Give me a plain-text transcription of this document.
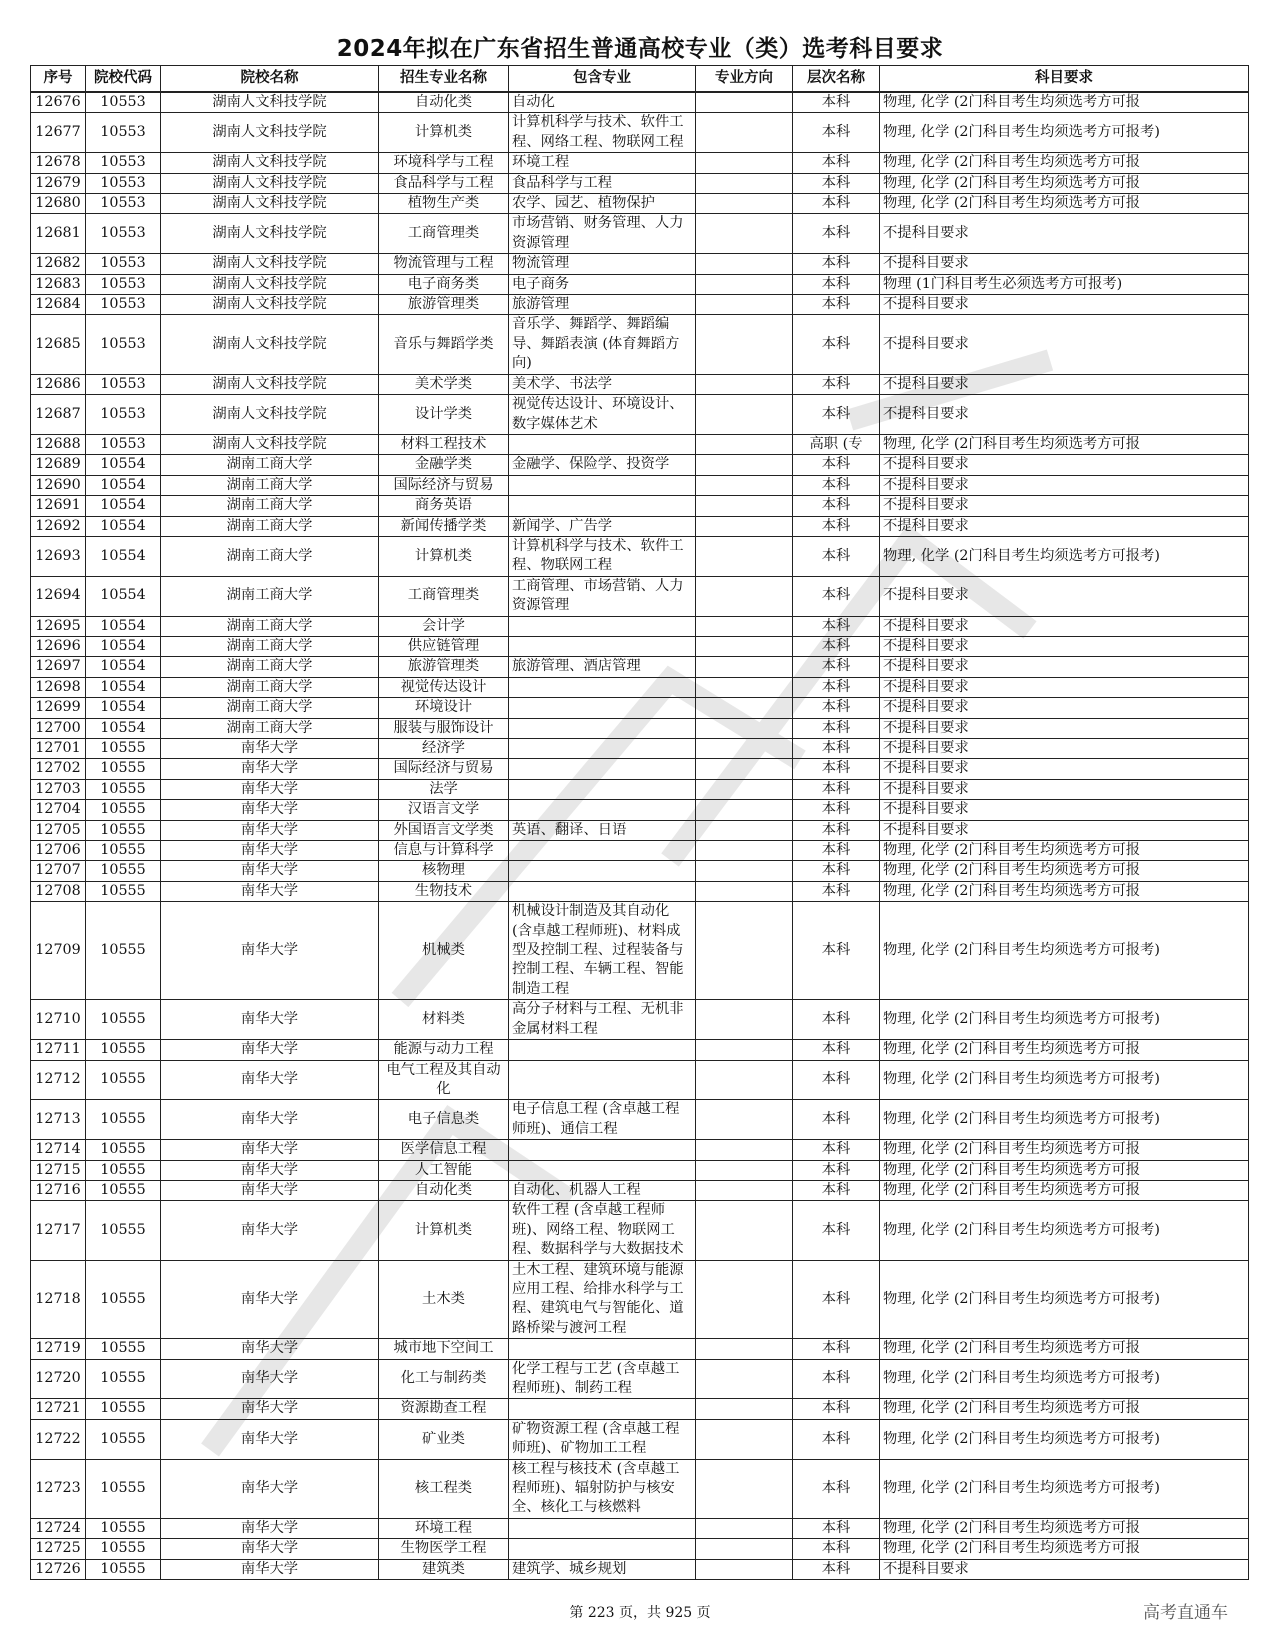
2024年拟在广东省招生普通高校专业（类）选考科目要求
序号	院校代码	院校名称	招生专业名称	包含专业	专业方向	层次名称	科目要求
12676	10553	湖南人文科技学院	自动化类	自动化		本科	物理, 化学 (2门科目考生均须选考方可报
12677	10553	湖南人文科技学院	计算机类	计算机科学与技术、软件工程、网络工程、物联网工程		本科	物理, 化学 (2门科目考生均须选考方可报考)
12678	10553	湖南人文科技学院	环境科学与工程	环境工程		本科	物理, 化学 (2门科目考生均须选考方可报
12679	10553	湖南人文科技学院	食品科学与工程	食品科学与工程		本科	物理, 化学 (2门科目考生均须选考方可报
12680	10553	湖南人文科技学院	植物生产类	农学、园艺、植物保护		本科	物理, 化学 (2门科目考生均须选考方可报
12681	10553	湖南人文科技学院	工商管理类	市场营销、财务管理、人力资源管理		本科	不提科目要求
12682	10553	湖南人文科技学院	物流管理与工程	物流管理		本科	不提科目要求
12683	10553	湖南人文科技学院	电子商务类	电子商务		本科	物理 (1门科目考生必须选考方可报考)
12684	10553	湖南人文科技学院	旅游管理类	旅游管理		本科	不提科目要求
12685	10553	湖南人文科技学院	音乐与舞蹈学类	音乐学、舞蹈学、舞蹈编导、舞蹈表演 (体育舞蹈方向)		本科	不提科目要求
12686	10553	湖南人文科技学院	美术学类	美术学、书法学		本科	不提科目要求
12687	10553	湖南人文科技学院	设计学类	视觉传达设计、环境设计、数字媒体艺术		本科	不提科目要求
12688	10553	湖南人文科技学院	材料工程技术			高职 (专	物理, 化学 (2门科目考生均须选考方可报
12689	10554	湖南工商大学	金融学类	金融学、保险学、投资学		本科	不提科目要求
12690	10554	湖南工商大学	国际经济与贸易			本科	不提科目要求
12691	10554	湖南工商大学	商务英语			本科	不提科目要求
12692	10554	湖南工商大学	新闻传播学类	新闻学、广告学		本科	不提科目要求
12693	10554	湖南工商大学	计算机类	计算机科学与技术、软件工程、物联网工程		本科	物理, 化学 (2门科目考生均须选考方可报考)
12694	10554	湖南工商大学	工商管理类	工商管理、市场营销、人力资源管理		本科	不提科目要求
12695	10554	湖南工商大学	会计学			本科	不提科目要求
12696	10554	湖南工商大学	供应链管理			本科	不提科目要求
12697	10554	湖南工商大学	旅游管理类	旅游管理、酒店管理		本科	不提科目要求
12698	10554	湖南工商大学	视觉传达设计			本科	不提科目要求
12699	10554	湖南工商大学	环境设计			本科	不提科目要求
12700	10554	湖南工商大学	服装与服饰设计			本科	不提科目要求
12701	10555	南华大学	经济学			本科	不提科目要求
12702	10555	南华大学	国际经济与贸易			本科	不提科目要求
12703	10555	南华大学	法学			本科	不提科目要求
12704	10555	南华大学	汉语言文学			本科	不提科目要求
12705	10555	南华大学	外国语言文学类	英语、翻译、日语		本科	不提科目要求
12706	10555	南华大学	信息与计算科学			本科	物理, 化学 (2门科目考生均须选考方可报
12707	10555	南华大学	核物理			本科	物理, 化学 (2门科目考生均须选考方可报
12708	10555	南华大学	生物技术			本科	物理, 化学 (2门科目考生均须选考方可报
12709	10555	南华大学	机械类	机械设计制造及其自动化 (含卓越工程师班)、材料成型及控制工程、过程装备与控制工程、车辆工程、智能制造工程		本科	物理, 化学 (2门科目考生均须选考方可报考)
12710	10555	南华大学	材料类	高分子材料与工程、无机非金属材料工程		本科	物理, 化学 (2门科目考生均须选考方可报考)
12711	10555	南华大学	能源与动力工程			本科	物理, 化学 (2门科目考生均须选考方可报
12712	10555	南华大学	电气工程及其自动化			本科	物理, 化学 (2门科目考生均须选考方可报考)
12713	10555	南华大学	电子信息类	电子信息工程 (含卓越工程师班)、通信工程		本科	物理, 化学 (2门科目考生均须选考方可报考)
12714	10555	南华大学	医学信息工程			本科	物理, 化学 (2门科目考生均须选考方可报
12715	10555	南华大学	人工智能			本科	物理, 化学 (2门科目考生均须选考方可报
12716	10555	南华大学	自动化类	自动化、机器人工程		本科	物理, 化学 (2门科目考生均须选考方可报
12717	10555	南华大学	计算机类	软件工程 (含卓越工程师班)、网络工程、物联网工程、数据科学与大数据技术		本科	物理, 化学 (2门科目考生均须选考方可报考)
12718	10555	南华大学	土木类	土木工程、建筑环境与能源应用工程、给排水科学与工程、建筑电气与智能化、道路桥梁与渡河工程		本科	物理, 化学 (2门科目考生均须选考方可报考)
12719	10555	南华大学	城市地下空间工			本科	物理, 化学 (2门科目考生均须选考方可报
12720	10555	南华大学	化工与制药类	化学工程与工艺 (含卓越工程师班)、制药工程		本科	物理, 化学 (2门科目考生均须选考方可报考)
12721	10555	南华大学	资源勘查工程			本科	物理, 化学 (2门科目考生均须选考方可报
12722	10555	南华大学	矿业类	矿物资源工程 (含卓越工程师班)、矿物加工工程		本科	物理, 化学 (2门科目考生均须选考方可报考)
12723	10555	南华大学	核工程类	核工程与核技术 (含卓越工程师班)、辐射防护与核安全、核化工与核燃料		本科	物理, 化学 (2门科目考生均须选考方可报考)
12724	10555	南华大学	环境工程			本科	物理, 化学 (2门科目考生均须选考方可报
12725	10555	南华大学	生物医学工程			本科	物理, 化学 (2门科目考生均须选考方可报
12726	10555	南华大学	建筑类	建筑学、城乡规划		本科	不提科目要求
第 223 页，共 925 页	高考直通车
